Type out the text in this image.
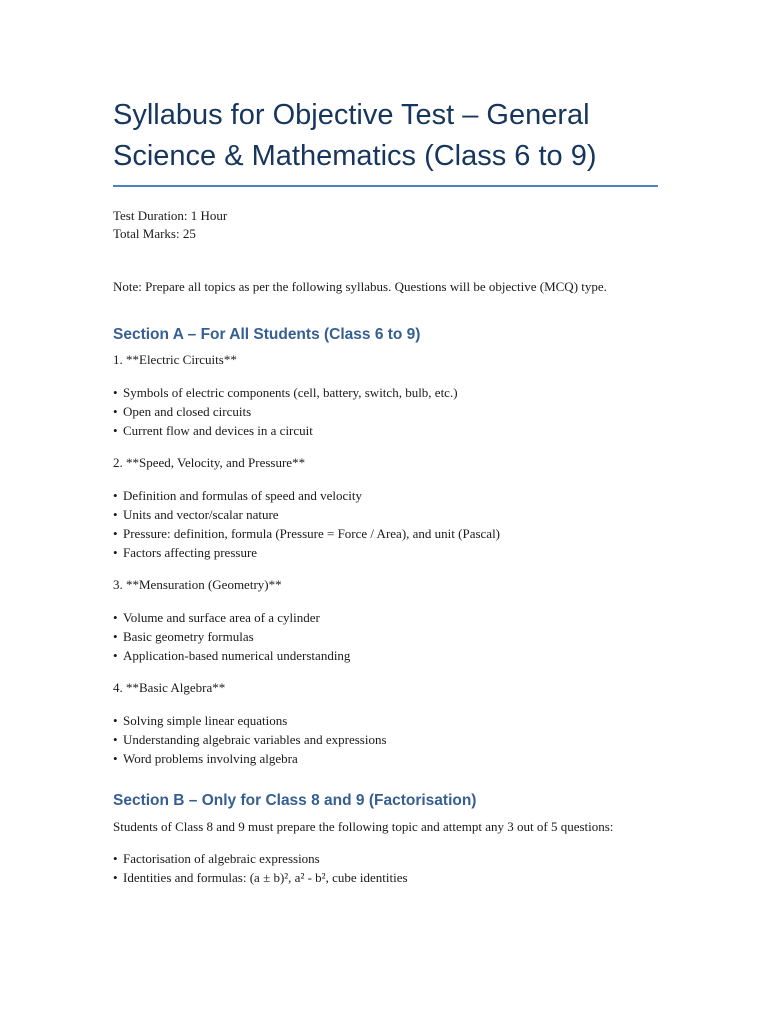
Syllabus for Objective Test – General Science & Mathematics (Class 6 to 9)
Test Duration: 1 Hour
Total Marks: 25
Note: Prepare all topics as per the following syllabus. Questions will be objective (MCQ) type.
Section A – For All Students (Class 6 to 9)

1. **Electric Circuits**

• Symbols of electric components (cell, battery, switch, bulb, etc.)
• Open and closed circuits
• Current flow and devices in a circuit

2. **Speed, Velocity, and Pressure**

• Definition and formulas of speed and velocity
• Units and vector/scalar nature
• Pressure: definition, formula (Pressure = Force / Area), and unit (Pascal)
• Factors affecting pressure

3. **Mensuration (Geometry)**

• Volume and surface area of a cylinder
• Basic geometry formulas
• Application-based numerical understanding

4. **Basic Algebra**

• Solving simple linear equations
• Understanding algebraic variables and expressions
• Word problems involving algebra
Section B – Only for Class 8 and 9 (Factorisation)
Students of Class 8 and 9 must prepare the following topic and attempt any 3 out of 5 questions:
• Factorisation of algebraic expressions
• Identities and formulas: (a ± b)², a² - b², cube identities
